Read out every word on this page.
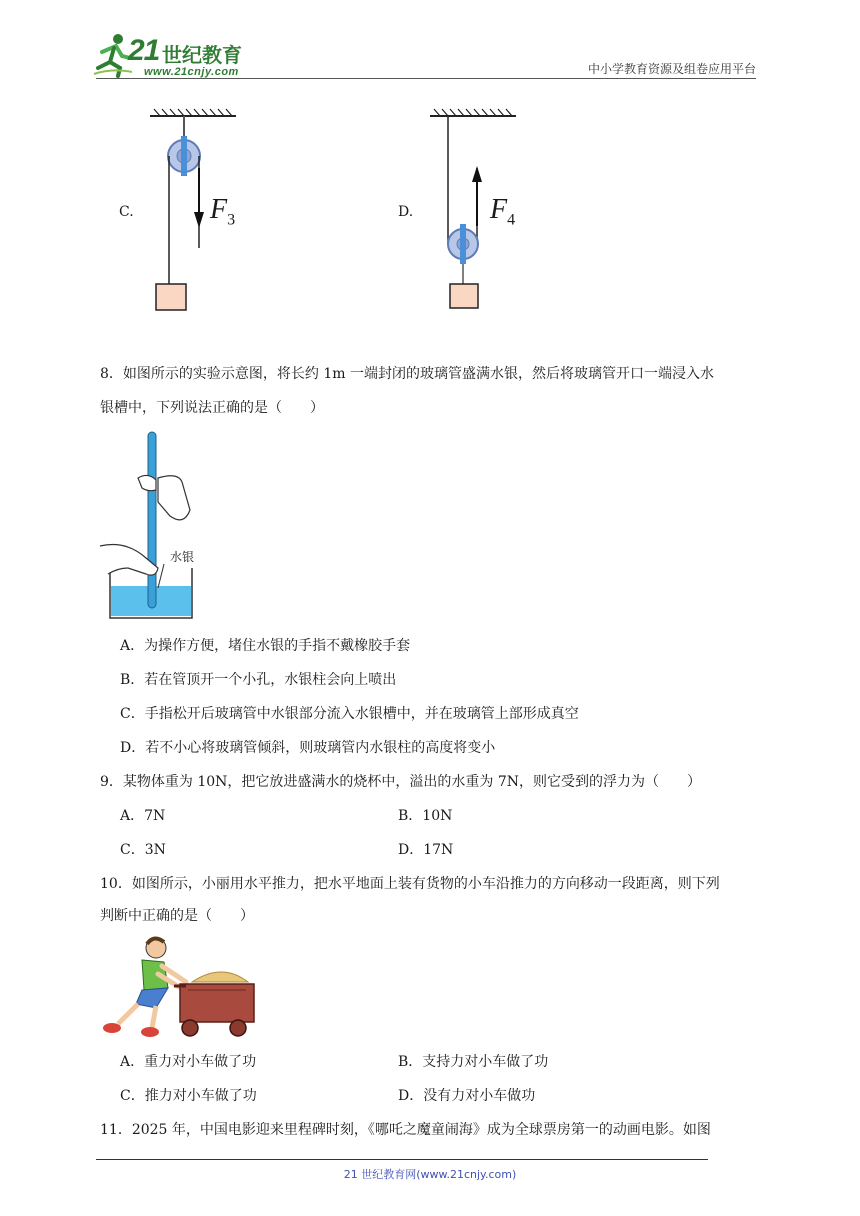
21 世纪教育
www.21cnjy.com	中小学教育资源及组卷应用平台
C.	D.
$F_3$	$F_4$
8．如图所示的实验示意图，将长约 1m 一端封闭的玻璃管盛满水银，然后将玻璃管开口一端浸入水
银槽中，下列说法正确的是（　　）
水银
A．为操作方便，堵住水银的手指不戴橡胶手套
B．若在管顶开一个小孔，水银柱会向上喷出
C．手指松开后玻璃管中水银部分流入水银槽中，并在玻璃管上部形成真空
D．若不小心将玻璃管倾斜，则玻璃管内水银柱的高度将变小
9．某物体重为 10N，把它放进盛满水的烧杯中，溢出的水重为 7N，则它受到的浮力为（　　）
A．7N	B．10N
C．3N	D．17N
10．如图所示，小丽用水平推力，把水平地面上装有货物的小车沿推力的方向移动一段距离，则下列
判断中正确的是（　　）
A．重力对小车做了功	B．支持力对小车做了功
C．推力对小车做了功	D．没有力对小车做功
11．2025 年，中国电影迎来里程碑时刻，《哪吒之魔童闹海》成为全球票房第一的动画电影。如图
21 世纪教育网(www.21cnjy.com)
